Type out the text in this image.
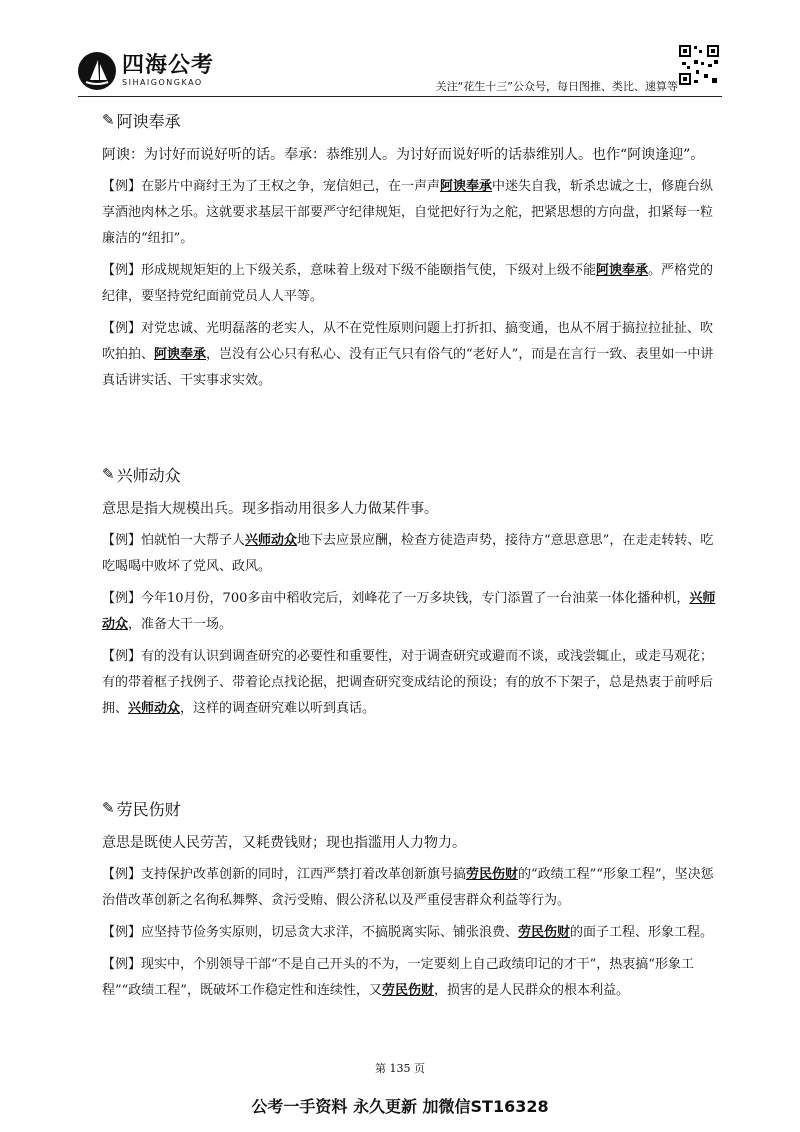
四海公考
SIHAIGONGKAO	关注“花生十三”公众号，每日图推、类比、速算等
✎ 阿谀奉承

阿谀：为讨好而说好听的话。奉承：恭维别人。为讨好而说好听的话恭维别人。也作“阿谀逢迎”。

【例】在影片中商纣王为了王权之争，宠信妲己，在一声声阿谀奉承中迷失自我，斩杀忠诚之士，修鹿台纵享酒池肉林之乐。这就要求基层干部要严守纪律规矩，自觉把好行为之舵，把紧思想的方向盘，扣紧每一粒廉洁的“纽扣”。

【例】形成规规矩矩的上下级关系，意味着上级对下级不能颐指气使，下级对上级不能阿谀奉承。严格党的纪律，要坚持党纪面前党员人人平等。

【例】对党忠诚、光明磊落的老实人，从不在党性原则问题上打折扣、搞变通，也从不屑于搞拉拉扯扯、吹吹拍拍、阿谀奉承，岂没有公心只有私心、没有正气只有俗气的“老好人”，而是在言行一致、表里如一中讲真话讲实话、干实事求实效。

✎ 兴师动众

意思是指大规模出兵。现多指动用很多人力做某件事。

【例】怕就怕一大帮子人兴师动众地下去应景应酬，检查方徒造声势，接待方“意思意思”，在走走转转、吃吃喝喝中败坏了党风、政风。

【例】今年10月份，700多亩中稻收完后，刘峰花了一万多块钱，专门添置了一台油菜一体化播种机，兴师动众，准备大干一场。

【例】有的没有认识到调查研究的必要性和重要性，对于调查研究或避而不谈，或浅尝辄止，或走马观花；有的带着框子找例子、带着论点找论据，把调查研究变成结论的预设；有的放不下架子，总是热衷于前呼后拥、兴师动众，这样的调查研究难以听到真话。

✎ 劳民伤财

意思是既使人民劳苦，又耗费钱财；现也指滥用人力物力。

【例】支持保护改革创新的同时，江西严禁打着改革创新旗号搞劳民伤财的“政绩工程”“形象工程”，坚决惩治借改革创新之名徇私舞弊、贪污受贿、假公济私以及严重侵害群众利益等行为。

【例】应坚持节俭务实原则，切忌贪大求洋，不搞脱离实际、铺张浪费、劳民伤财的面子工程、形象工程。

【例】现实中，个别领导干部“不是自己开头的不为，一定要刻上自己政绩印记的才干”，热衷搞“形象工程”“政绩工程”，既破坏工作稳定性和连续性，又劳民伤财，损害的是人民群众的根本利益。

第 135 页
公考一手资料 永久更新 加微信ST16328
